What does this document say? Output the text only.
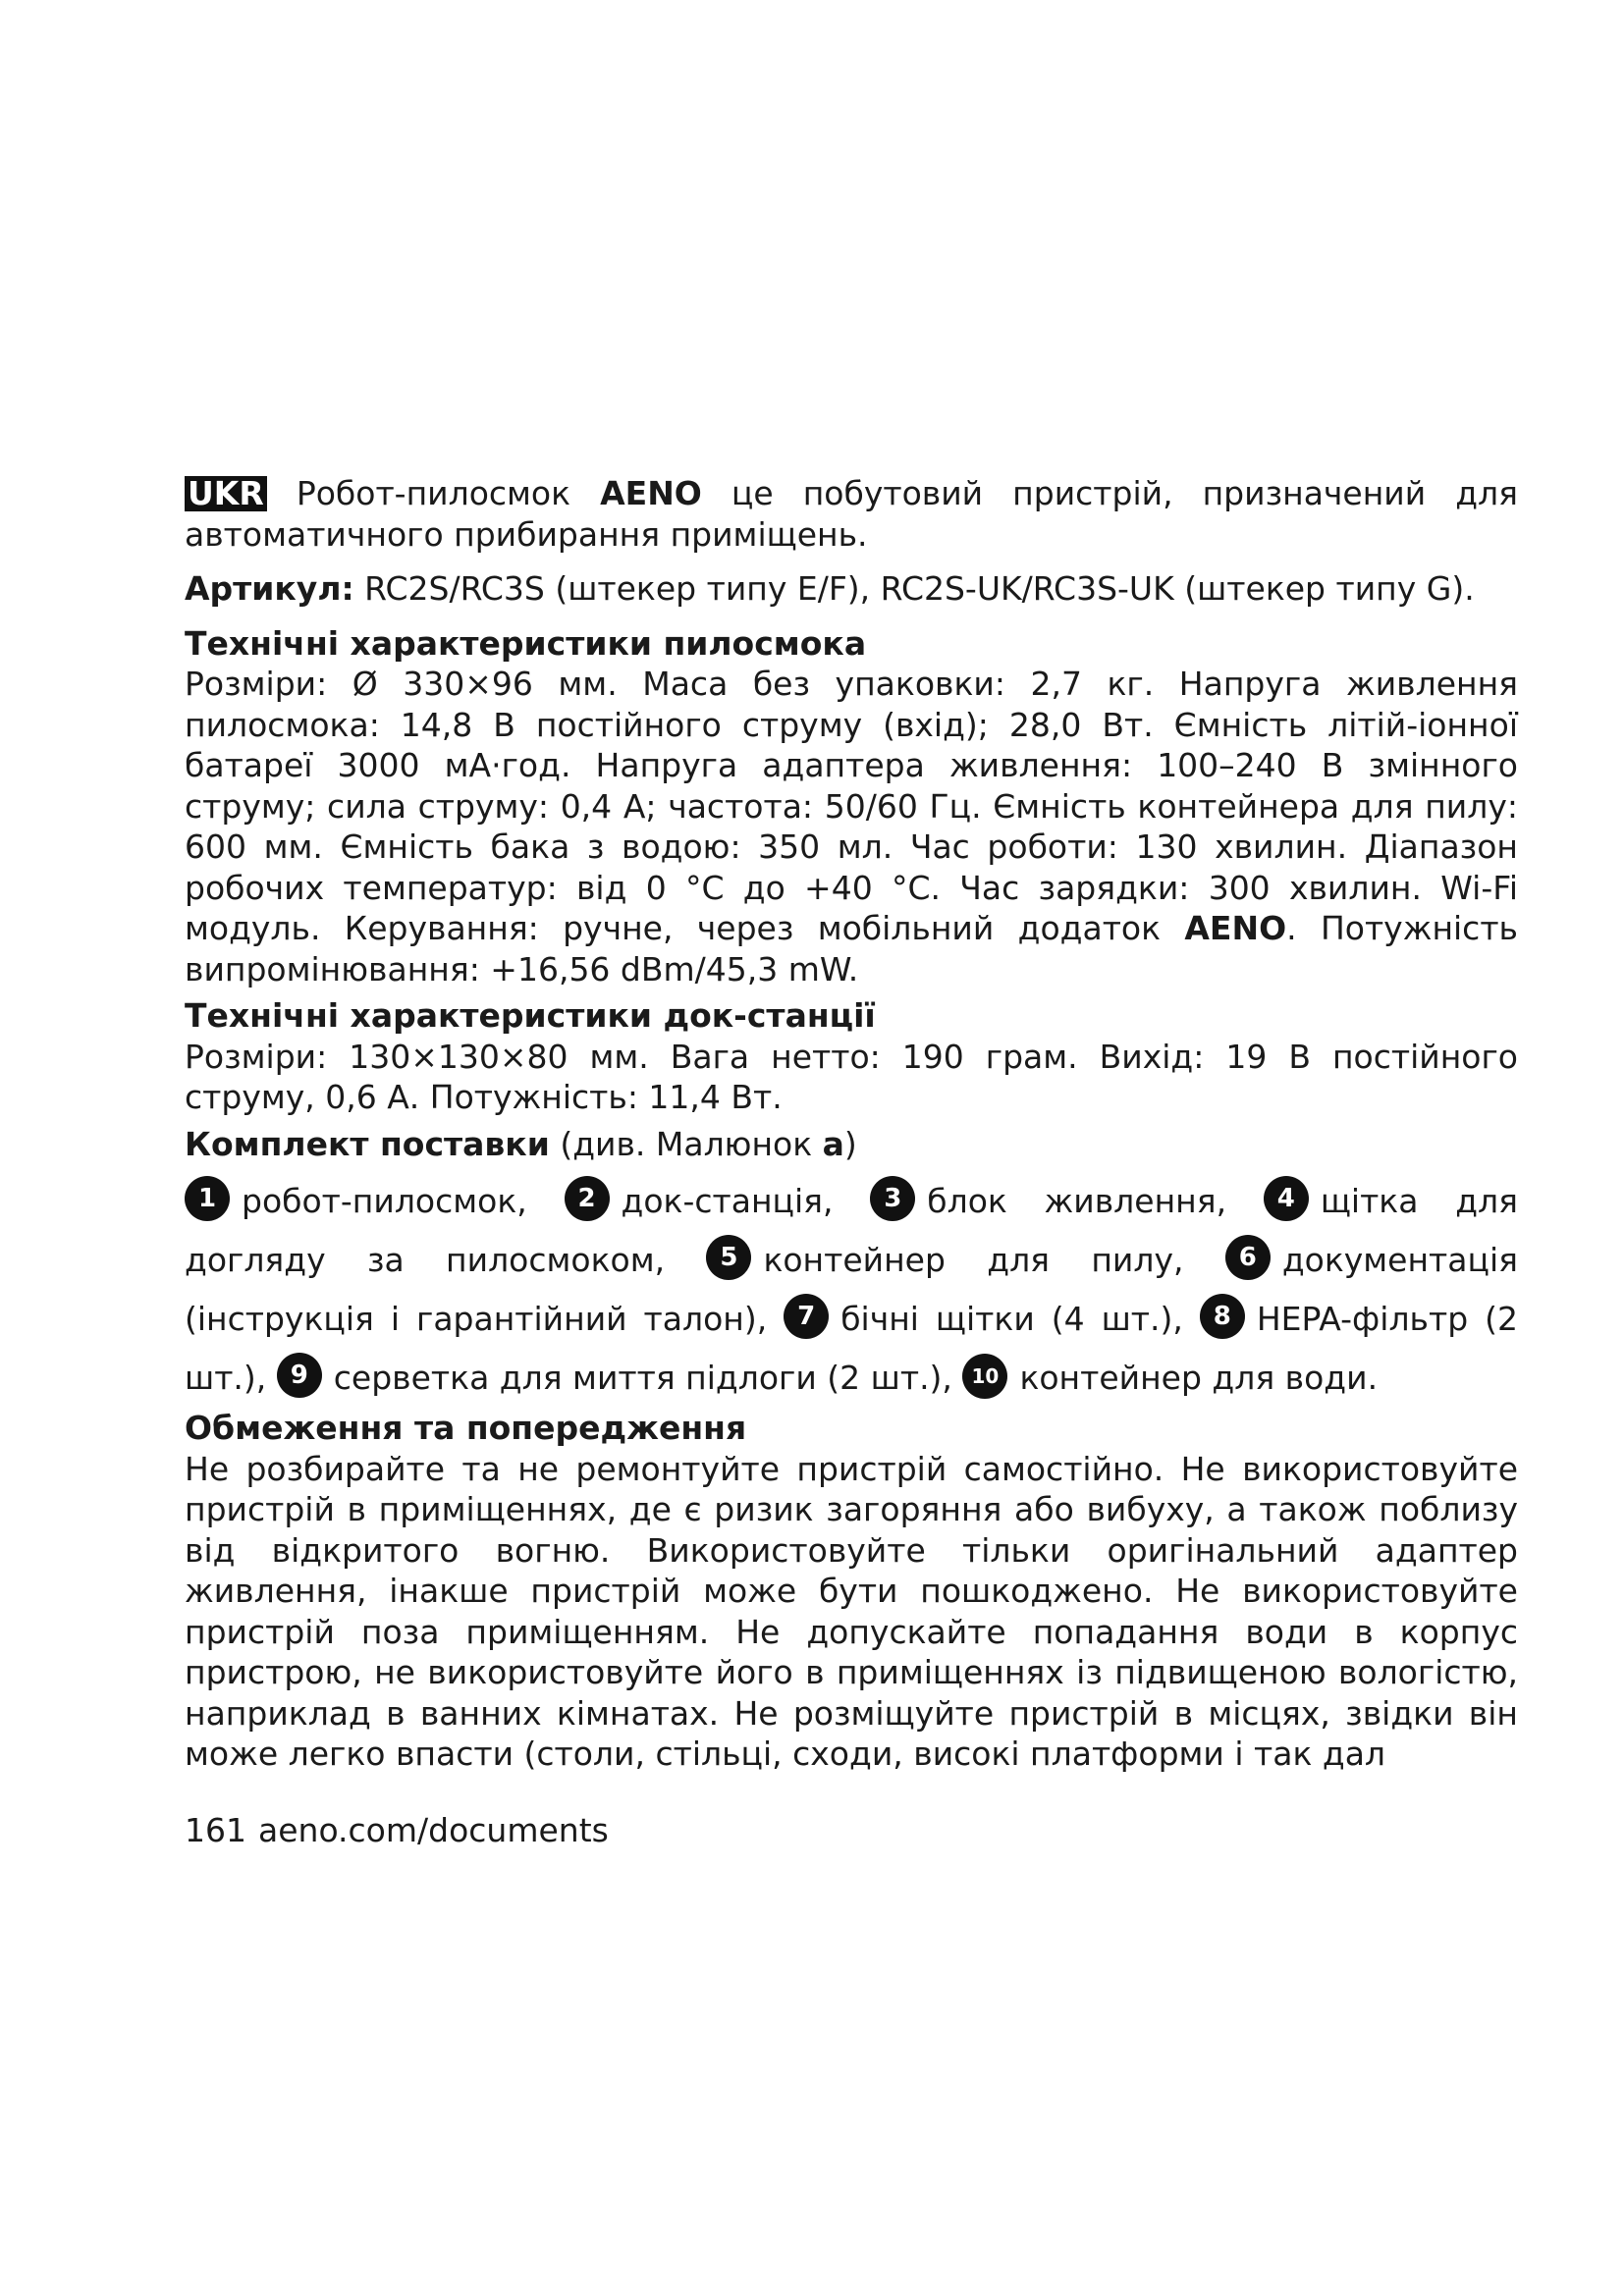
UKR Робот-пилосмок AENO це побутовий пристрій, призначений для автоматичного прибирання приміщень.

Артикул: RC2S/RC3S (штекер типу E/F), RC2S-UK/RC3S-UK (штекер типу G).

Технічні характеристики пилосмока

Розміри: Ø 330×96 мм. Маса без упаковки: 2,7 кг. Напруга живлення пилосмока: 14,8 В постійного струму (вхід); 28,0 Вт. Ємність літій-іонної батареї 3000 мА·год. Напруга адаптера живлення: 100–240 В змінного струму; сила струму: 0,4 А; частота: 50/60 Гц. Ємність контейнера для пилу: 600 мм. Ємність бака з водою: 350 мл. Час роботи: 130 хвилин. Діапазон робочих температур: від 0 °C до +40 °C. Час зарядки: 300 хвилин. Wi-Fi модуль. Керування: ручне, через мобільний додаток AENO. Потужність випромінювання: +16,56 dBm/45,3 mW.

Технічні характеристики док-станції

Розміри: 130×130×80 мм. Вага нетто: 190 грам. Вихід: 19 В постійного струму, 0,6 А. Потужність: 11,4 Вт.

Комплект поставки (див. Малюнок а)

1 робот-пилосмок, 2 док-станція, 3 блок живлення, 4 щітка для догляду за пилосмоком, 5 контейнер для пилу, 6 документація (інструкція і гарантійний талон), 7 бічні щітки (4 шт.), 8 HEPA-фільтр (2 шт.), 9 серветка для миття підлоги (2 шт.), 10 контейнер для води.

Обмеження та попередження

Не розбирайте та не ремонтуйте пристрій самостійно. Не використовуйте пристрій в приміщеннях, де є ризик загоряння або вибуху, а також поблизу від відкритого вогню. Використовуйте тільки оригінальний адаптер живлення, інакше пристрій може бути пошкоджено. Не використовуйте пристрій поза приміщенням. Не допускайте попадання води в корпус пристрою, не використовуйте його в приміщеннях із підвищеною вологістю, наприклад в ванних кімнатах. Не розміщуйте пристрій в місцях, звідки він може легко впасти (столи, стільці, сходи, високі платформи і так дал

161 aeno.com/documents
